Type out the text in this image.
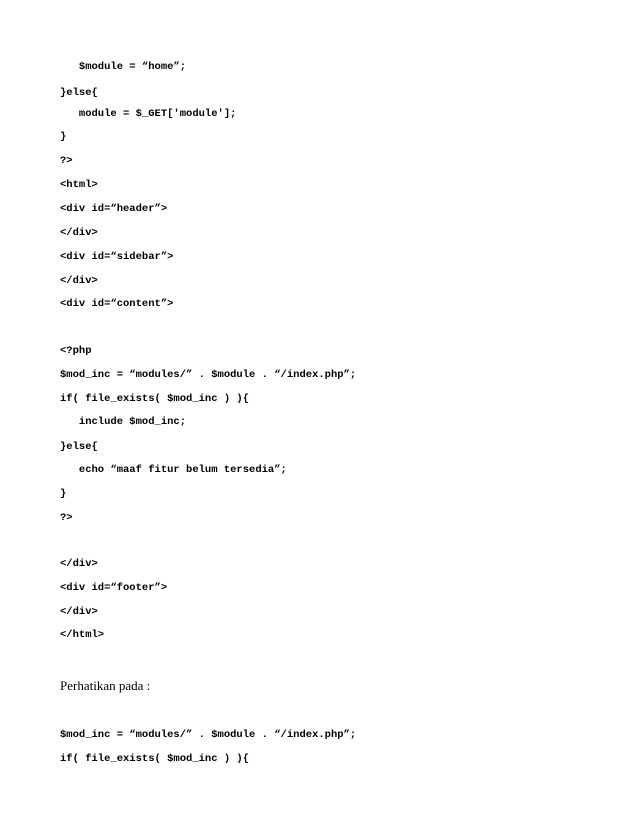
$module = “home”;
}else{
module = $_GET['module'];
}
?>
<html>
<div id=“header”>
</div>
<div id=“sidebar”>
</div>
<div id=“content”>
<?php
$mod_inc = “modules/” . $module . “/index.php”;
if( file_exists( $mod_inc ) ){
include $mod_inc;
}else{
echo “maaf fitur belum tersedia”;
}
?>
</div>
<div id=“footer”>
</div>
</html>
Perhatikan pada :
$mod_inc = “modules/” . $module . “/index.php”;
if( file_exists( $mod_inc ) ){
